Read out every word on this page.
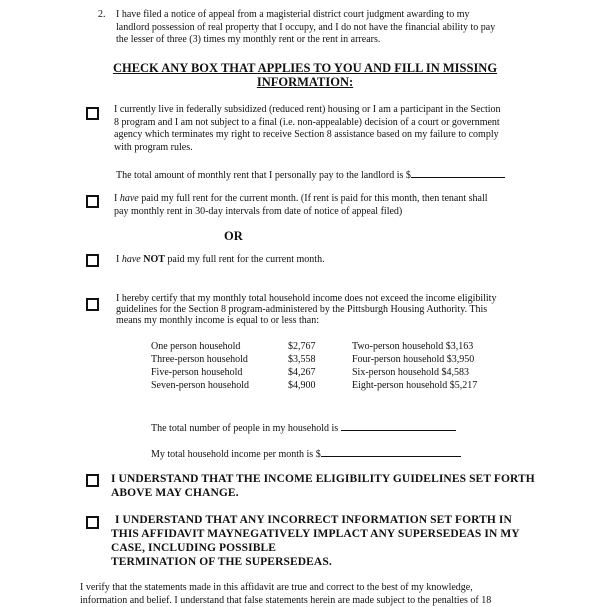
2. I have filed a notice of appeal from a magisterial district court judgment awarding to my
landlord possession of real property that I occupy, and I do not have the financial ability to pay
the lesser of three (3) times my monthly rent or the rent in arrears.
CHECK ANY BOX THAT APPLIES TO YOU AND FILL IN MISSING
INFORMATION:
I currently live in federally subsidized (reduced rent) housing or I am a participant in the Section
8 program and I am not subject to a final (i.e. non-appealable) decision of a court or government
agency which terminates my right to receive Section 8 assistance based on my failure to comply
with program rules.
The total amount of monthly rent that I personally pay to the landlord is $
I have paid my full rent for the current month. (If rent is paid for this month, then tenant shall
pay monthly rent in 30-day intervals from date of notice of appeal filed)
OR
I have NOT paid my full rent for the current month.
I hereby certify that my monthly total household income does not exceed the income eligibility
guidelines for the Section 8 program-administered by the Pittsburgh Housing Authority. This
means my monthly income is equal to or less than:
One person household	$2,767	Two-person household $3,163
Three-person household	$3,558	Four-person household $3,950
Five-person household	$4,267	Six-person household $4,583
Seven-person household	$4,900	Eight-person household $5,217
The total number of people in my household is
My total household income per month is $
I UNDERSTAND THAT THE INCOME ELIGIBILITY GUIDELINES SET FORTH
ABOVE MAY CHANGE.
I UNDERSTAND THAT ANY INCORRECT INFORMATION SET FORTH IN
THIS AFFIDAVIT MAYNEGATIVELY IMPLACT ANY SUPERSEDEAS IN MY
CASE, INCLUDING POSSIBLE
TERMINATION OF THE SUPERSEDEAS.
I verify that the statements made in this affidavit are true and correct to the best of my knowledge,
information and belief. I understand that false statements herein are made subject to the penalties of 18
